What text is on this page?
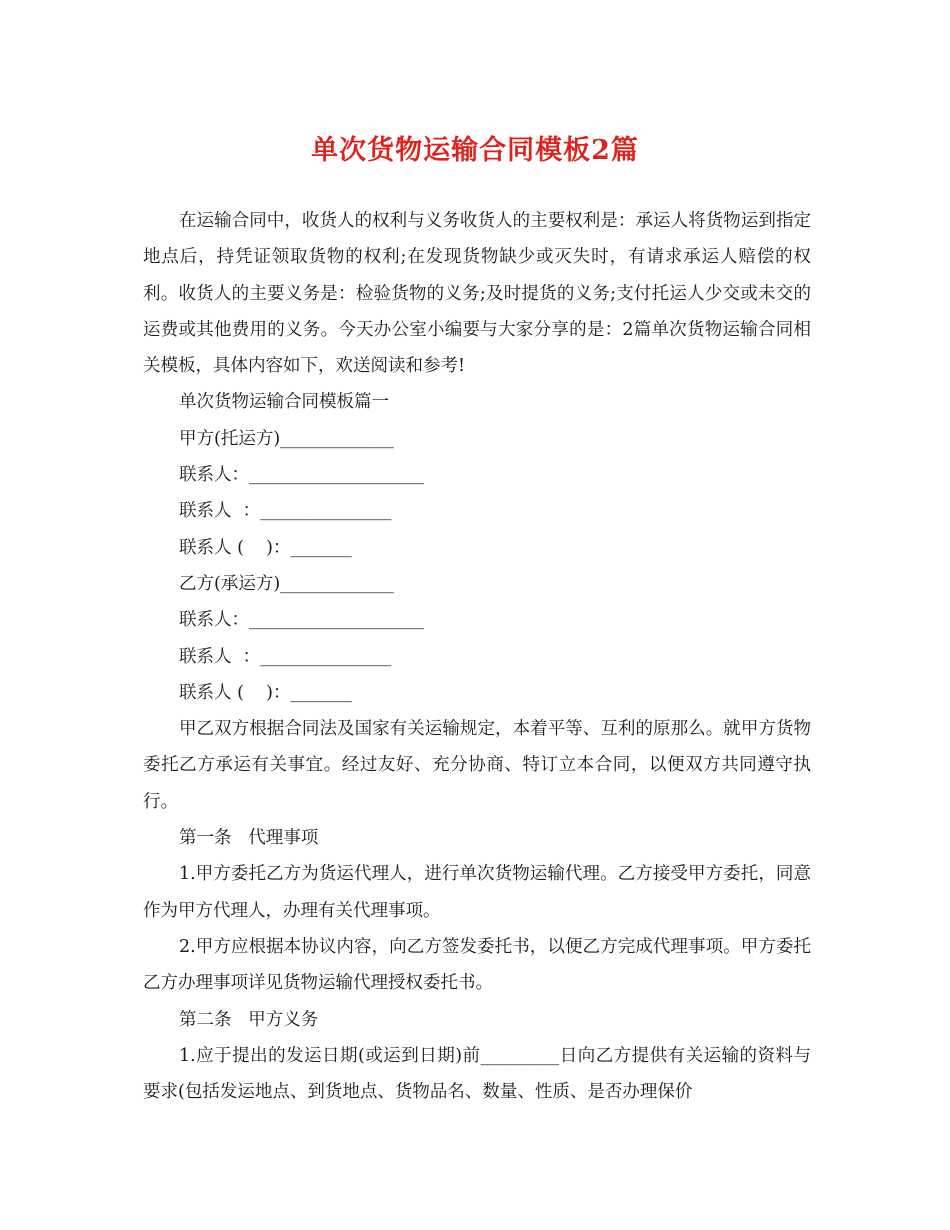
单次货物运输合同模板2篇

在运输合同中，收货人的权利与义务收货人的主要权利是：承运人将货物运到指定地点后，持凭证领取货物的权利;在发现货物缺少或灭失时，有请求承运人赔偿的权利。收货人的主要义务是：检验货物的义务;及时提货的义务;支付托运人少交或未交的运费或其他费用的义务。今天办公室小编要与大家分享的是：2篇单次货物运输合同相关模板，具体内容如下，欢送阅读和参考!

单次货物运输合同模板篇一
甲方(托运方)_____________
联系人：____________________
联系人  ：_______________
联系人 (    )：_______
乙方(承运方)_____________
联系人：____________________
联系人  ：_______________
联系人 (    )：_______

甲乙双方根据合同法及国家有关运输规定，本着平等、互利的原那么。就甲方货物委托乙方承运有关事宜。经过友好、充分协商、特订立本合同，以便双方共同遵守执行。

第一条   代理事项

1.甲方委托乙方为货运代理人，进行单次货物运输代理。乙方接受甲方委托，同意作为甲方代理人，办理有关代理事项。

2.甲方应根据本协议内容，向乙方签发委托书，以便乙方完成代理事项。甲方委托乙方办理事项详见货物运输代理授权委托书。

第二条   甲方义务

1.应于提出的发运日期(或运到日期)前_________日向乙方提供有关运输的资料与要求(包括发运地点、到货地点、货物品名、数量、性质、是否办理保价
